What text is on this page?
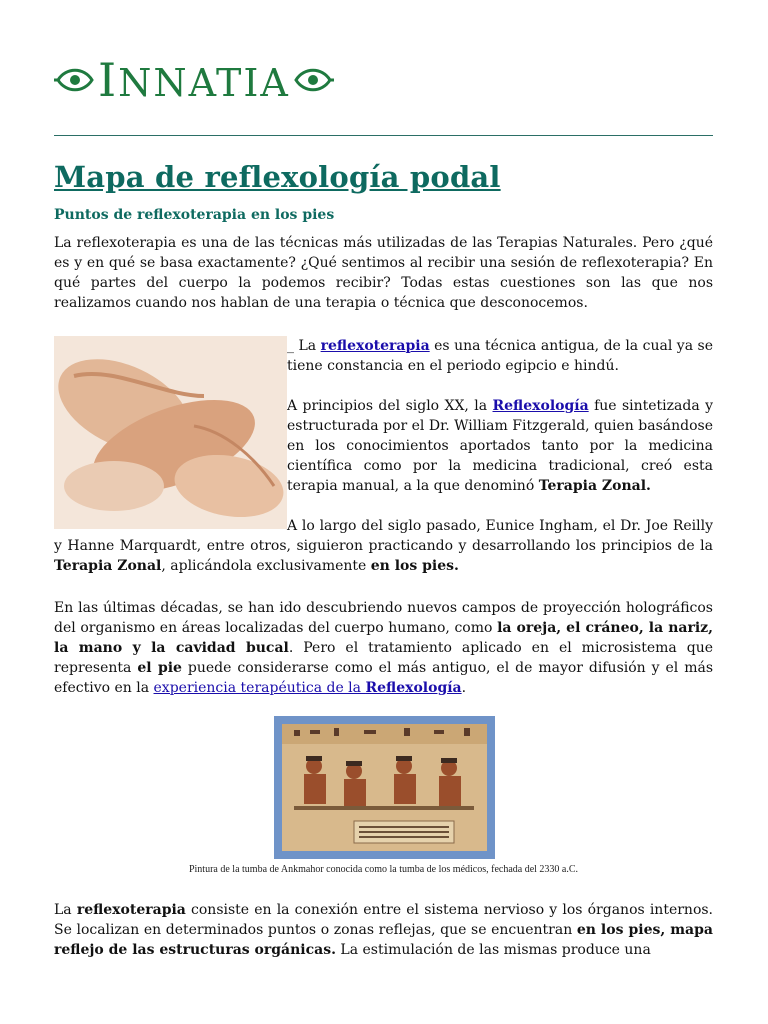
INNATIA
Mapa de reflexología podal

Puntos de reflexoterapia en los pies

La reflexoterapia es una de las técnicas más utilizadas de las Terapias Naturales. Pero ¿qué es y en qué se basa exactamente? ¿Qué sentimos al recibir una sesión de reflexoterapia? En qué partes del cuerpo la podemos recibir? Todas estas cuestiones son las que nos realizamos cuando nos hablan de una terapia o técnica que desconocemos.

_ La reflexoterapia es una técnica antigua, de la cual ya se tiene constancia en el periodo egipcio e hindú.

A principios del siglo XX, la Reflexología fue sintetizada y estructurada por el Dr. William Fitzgerald, quien basándose en los conocimientos aportados tanto por la medicina científica como por la medicina tradicional, creó esta terapia manual, a la que denominó Terapia Zonal.

A lo largo del siglo pasado, Eunice Ingham, el Dr. Joe Reilly y Hanne Marquardt, entre otros, siguieron practicando y desarrollando los principios de la Terapia Zonal, aplicándola exclusivamente en los pies.

En las últimas décadas, se han ido descubriendo nuevos campos de proyección holográficos del organismo en áreas localizadas del cuerpo humano, como la oreja, el cráneo, la nariz, la mano y la cavidad bucal. Pero el tratamiento aplicado en el microsistema que representa el pie puede considerarse como el más antiguo, el de mayor difusión y el más efectivo en la experiencia terapéutica de la Reflexología.

Pintura de la tumba de Ankmahor conocida como la tumba de los médicos, fechada del 2330 a.C.

La reflexoterapia consiste en la conexión entre el sistema nervioso y los órganos internos. Se localizan en determinados puntos o zonas reflejas, que se encuentran en los pies, mapa reflejo de las estructuras orgánicas. La estimulación de las mismas produce una
